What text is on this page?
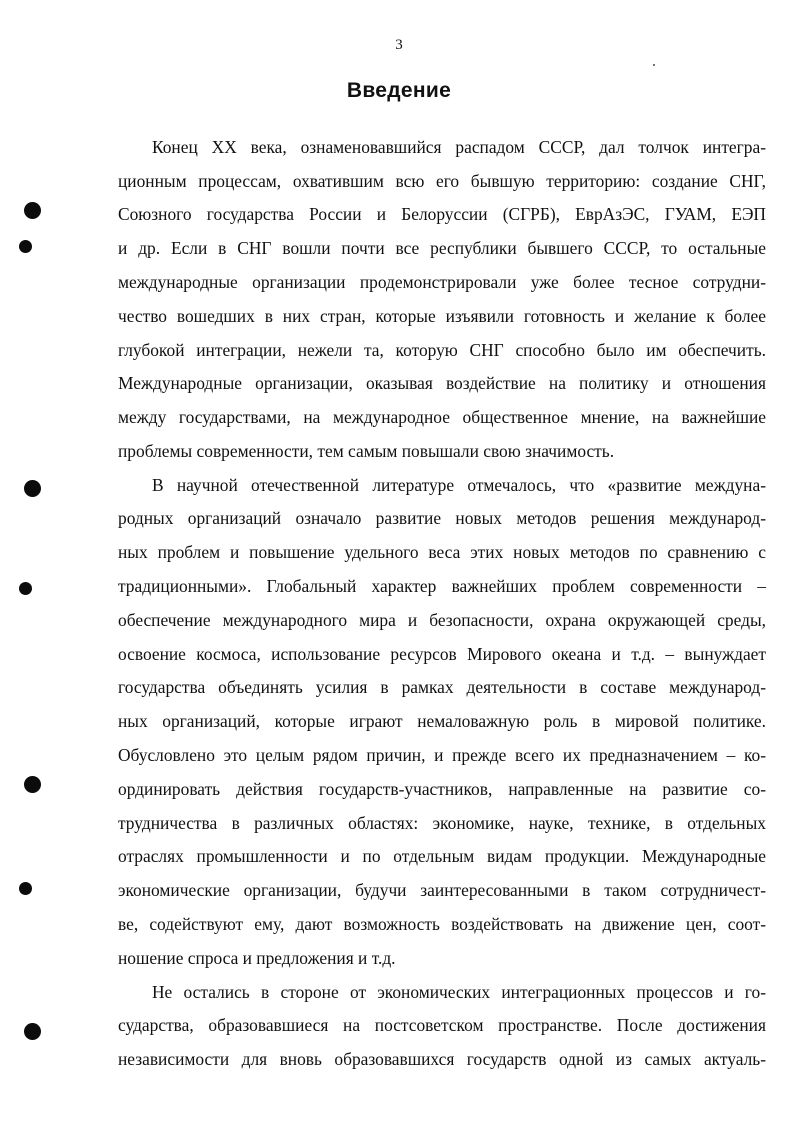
3
Введение
Конец XX века, ознаменовавшийся распадом СССР, дал толчок интегра-
ционным процессам, охватившим всю его бывшую территорию: создание СНГ,
Союзного государства России и Белоруссии (СГРБ), ЕврАзЭС, ГУАМ, ЕЭП
и др. Если в СНГ вошли почти все республики бывшего СССР, то остальные
международные организации продемонстрировали уже более тесное сотрудни-
чество вошедших в них стран, которые изъявили готовность и желание к более
глубокой интеграции, нежели та, которую СНГ способно было им обеспечить.
Международные организации, оказывая воздействие на политику и отношения
между государствами, на международное общественное мнение, на важнейшие
проблемы современности, тем самым повышали свою значимость.
В научной отечественной литературе отмечалось, что «развитие междуна-
родных организаций означало развитие новых методов решения международ-
ных проблем и повышение удельного веса этих новых методов по сравнению с
традиционными». Глобальный характер важнейших проблем современности –
обеспечение международного мира и безопасности, охрана окружающей среды,
освоение космоса, использование ресурсов Мирового океана и т.д. – вынуждает
государства объединять усилия в рамках деятельности в составе международ-
ных организаций, которые играют немаловажную роль в мировой политике.
Обусловлено это целым рядом причин, и прежде всего их предназначением – ко-
ординировать действия государств-участников, направленные на развитие со-
трудничества в различных областях: экономике, науке, технике, в отдельных
отраслях промышленности и по отдельным видам продукции. Международные
экономические организации, будучи заинтересованными в таком сотрудничест-
ве, содействуют ему, дают возможность воздействовать на движение цен, соот-
ношение спроса и предложения и т.д.
Не остались в стороне от экономических интеграционных процессов и го-
сударства, образовавшиеся на постсоветском пространстве. После достижения
независимости для вновь образовавшихся государств одной из самых актуаль-
